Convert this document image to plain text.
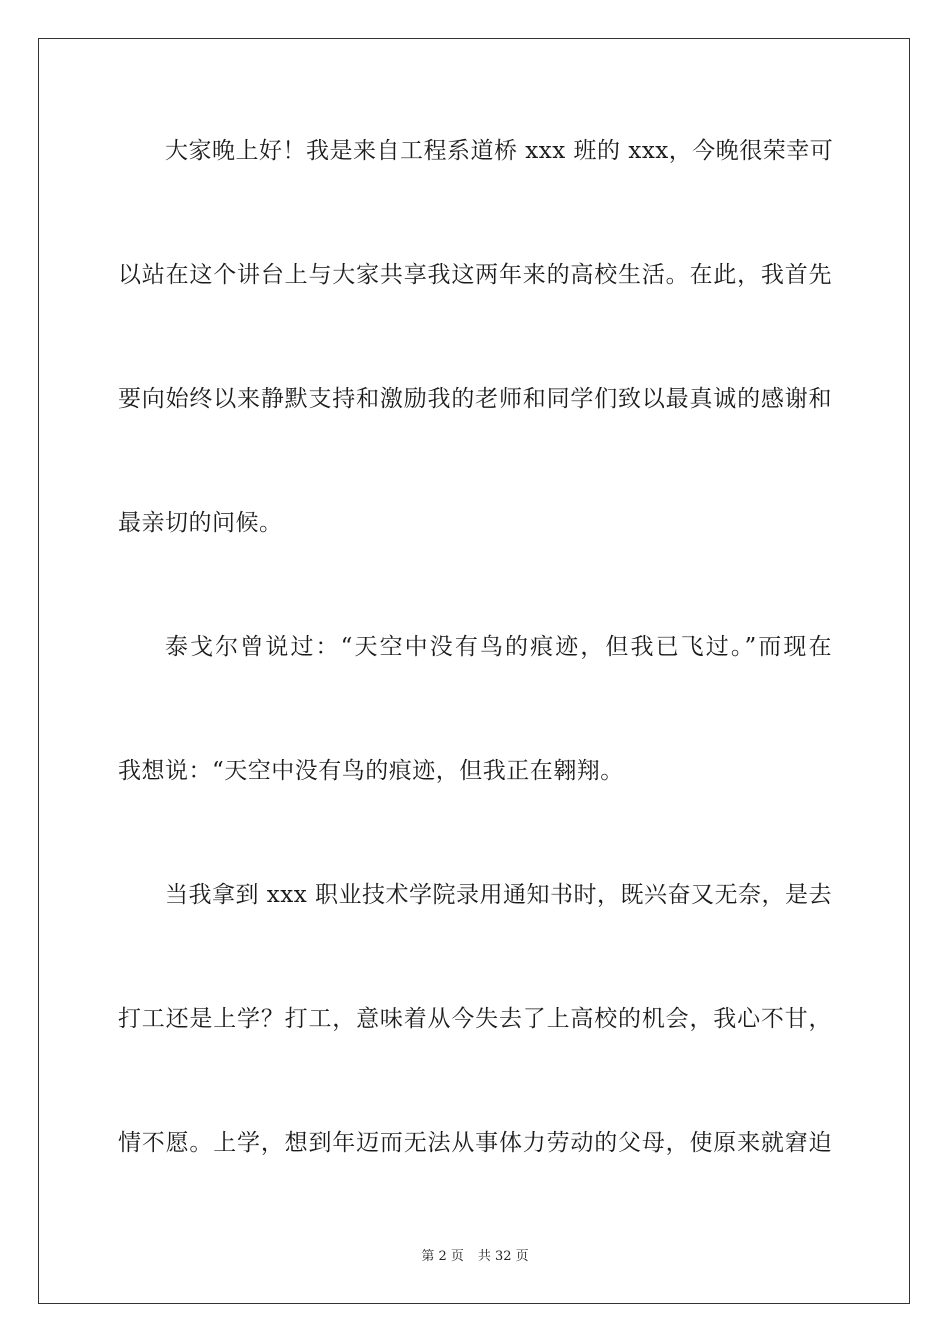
大家晚上好！我是来自工程系道桥 xxx 班的 xxx，今晚很荣幸可
以站在这个讲台上与大家共享我这两年来的高校生活。在此，我首先
要向始终以来静默支持和激励我的老师和同学们致以最真诚的感谢和
最亲切的问候。
泰戈尔曾说过：“天空中没有鸟的痕迹，但我已飞过。”而现在
我想说：“天空中没有鸟的痕迹，但我正在翱翔。
当我拿到 xxx 职业技术学院录用通知书时，既兴奋又无奈，是去
打工还是上学？打工，意味着从今失去了上高校的机会，我心不甘，
情不愿。上学，想到年迈而无法从事体力劳动的父母，使原来就窘迫
第 2 页 共 32 页
